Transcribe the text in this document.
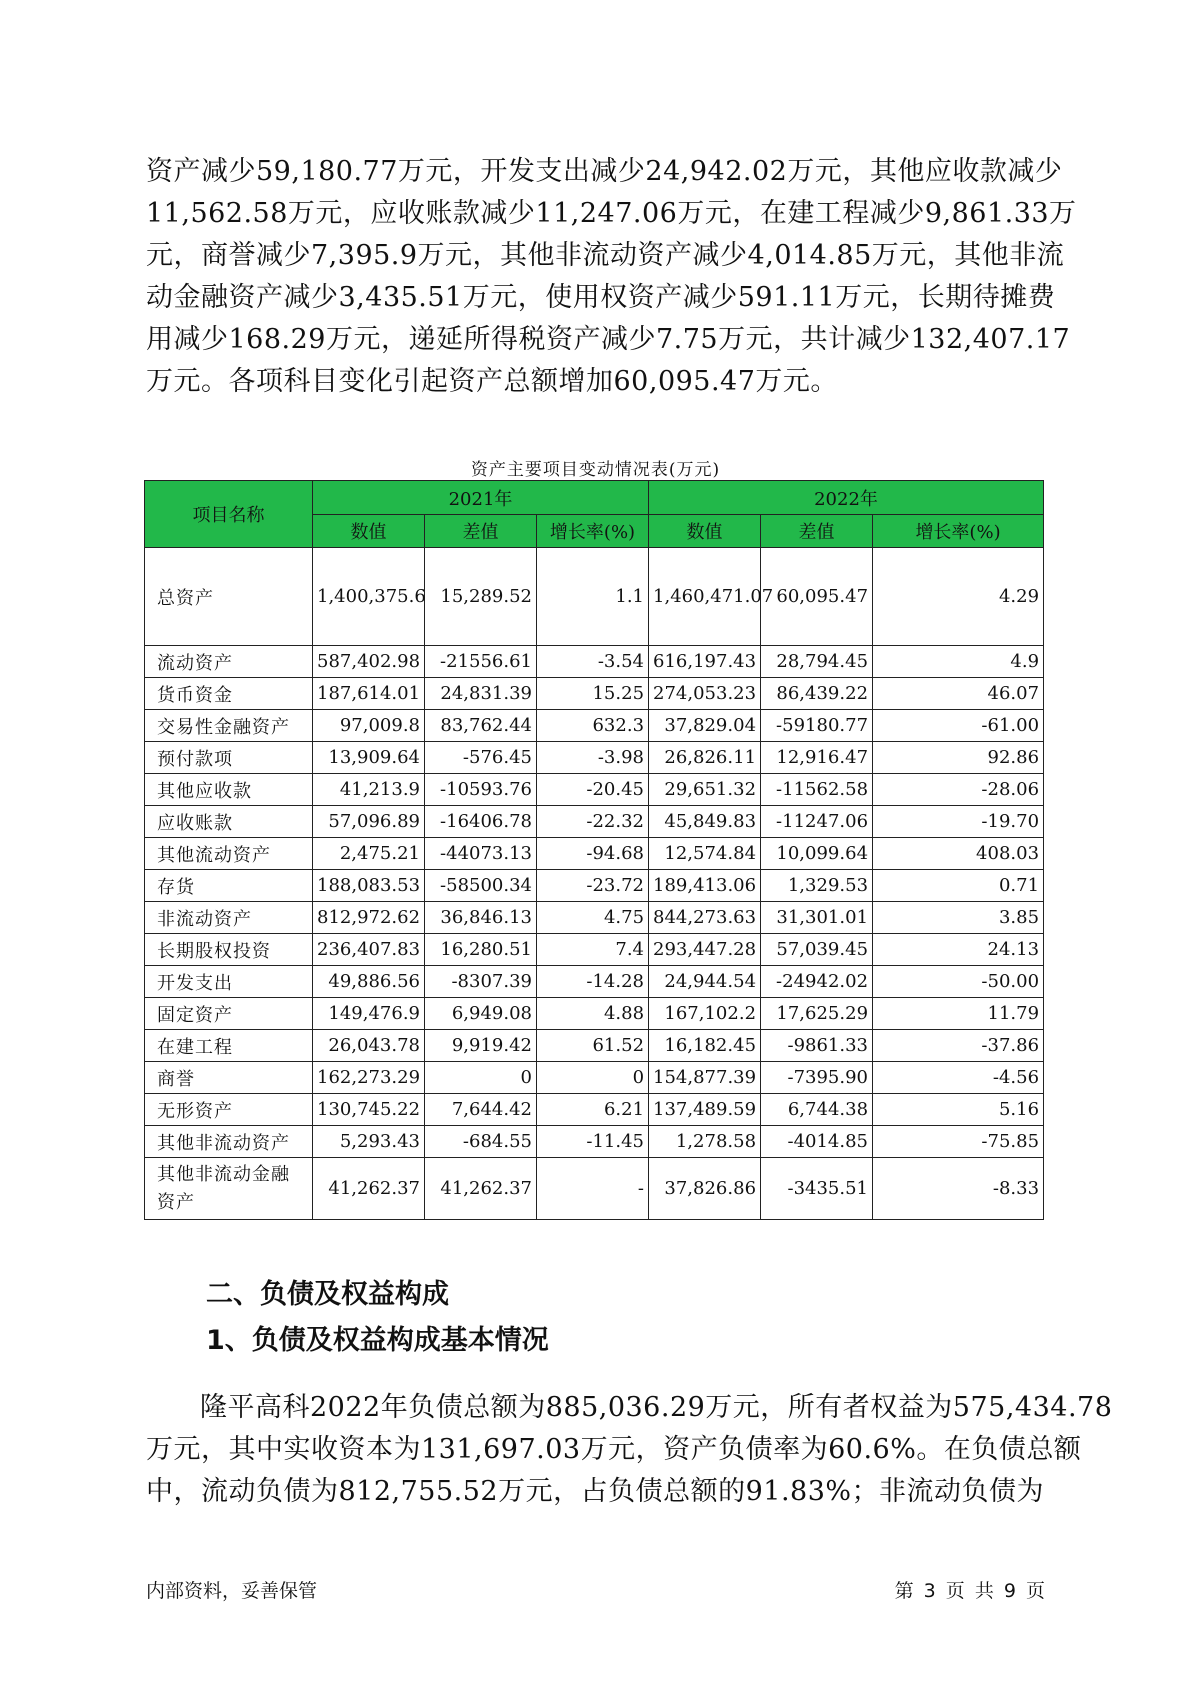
资产减少59,180.77万元，开发支出减少24,942.02万元，其他应收款减少

11,562.58万元，应收账款减少11,247.06万元，在建工程减少9,861.33万

元，商誉减少7,395.9万元，其他非流动资产减少4,014.85万元，其他非流

动金融资产减少3,435.51万元，使用权资产减少591.11万元，长期待摊费

用减少168.29万元，递延所得税资产减少7.75万元，共计减少132,407.17

万元。各项科目变化引起资产总额增加60,095.47万元。

资产主要项目变动情况表(万元)
项目名称	2021年			2022年		
	数值	差值	增长率(%)	数值	差值	增长率(%)
总资产	1,400,375.6	15,289.52	1.1	1,460,471.07	60,095.47	4.29
流动资产	587,402.98	-21556.61	-3.54	616,197.43	28,794.45	4.9
货币资金	187,614.01	24,831.39	15.25	274,053.23	86,439.22	46.07
交易性金融资产	97,009.8	83,762.44	632.3	37,829.04	-59180.77	-61.00
预付款项	13,909.64	-576.45	-3.98	26,826.11	12,916.47	92.86
其他应收款	41,213.9	-10593.76	-20.45	29,651.32	-11562.58	-28.06
应收账款	57,096.89	-16406.78	-22.32	45,849.83	-11247.06	-19.70
其他流动资产	2,475.21	-44073.13	-94.68	12,574.84	10,099.64	408.03
存货	188,083.53	-58500.34	-23.72	189,413.06	1,329.53	0.71
非流动资产	812,972.62	36,846.13	4.75	844,273.63	31,301.01	3.85
长期股权投资	236,407.83	16,280.51	7.4	293,447.28	57,039.45	24.13
开发支出	49,886.56	-8307.39	-14.28	24,944.54	-24942.02	-50.00
固定资产	149,476.9	6,949.08	4.88	167,102.2	17,625.29	11.79
在建工程	26,043.78	9,919.42	61.52	16,182.45	-9861.33	-37.86
商誉	162,273.29	0	0	154,877.39	-7395.90	-4.56
无形资产	130,745.22	7,644.42	6.21	137,489.59	6,744.38	5.16
其他非流动资产	5,293.43	-684.55	-11.45	1,278.58	-4014.85	-75.85
其他非流动金融资产	41,262.37	41,262.37	-	37,826.86	-3435.51	-8.33
二、负债及权益构成
1、负债及权益构成基本情况

隆平高科2022年负债总额为885,036.29万元，所有者权益为575,434.78

万元，其中实收资本为131,697.03万元，资产负债率为60.6%。在负债总额

中，流动负债为812,755.52万元，占负债总额的91.83%；非流动负债为

内部资料，妥善保管	第 3 页 共 9 页
